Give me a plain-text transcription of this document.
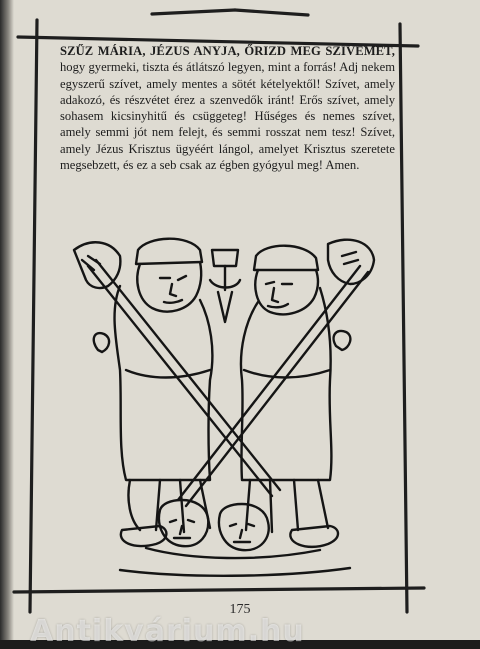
SZŰZ MÁRIA, JÉZUS ANYJA, ŐRIZD MEG SZÍVEMET, hogy gyermeki, tiszta és átlátszó legyen, mint a forrás! Adj nekem egyszerű szívet, amely mentes a sötét kételyektől! Szívet, amely adakozó, és részvétet érez a szenvedők iránt! Erős szívet, amely sohasem kicsinyhitű és csüggeteg! Hűséges és nemes szívet, amely semmi jót nem felejt, és semmi rosszat nem tesz! Szívet, amely Jézus Krisztus ügyéért lángol, amelyet Krisztus szeretete megsebzett, és ez a seb csak az égben gyógyul meg! Amen.

175
Antikvárium.hu
